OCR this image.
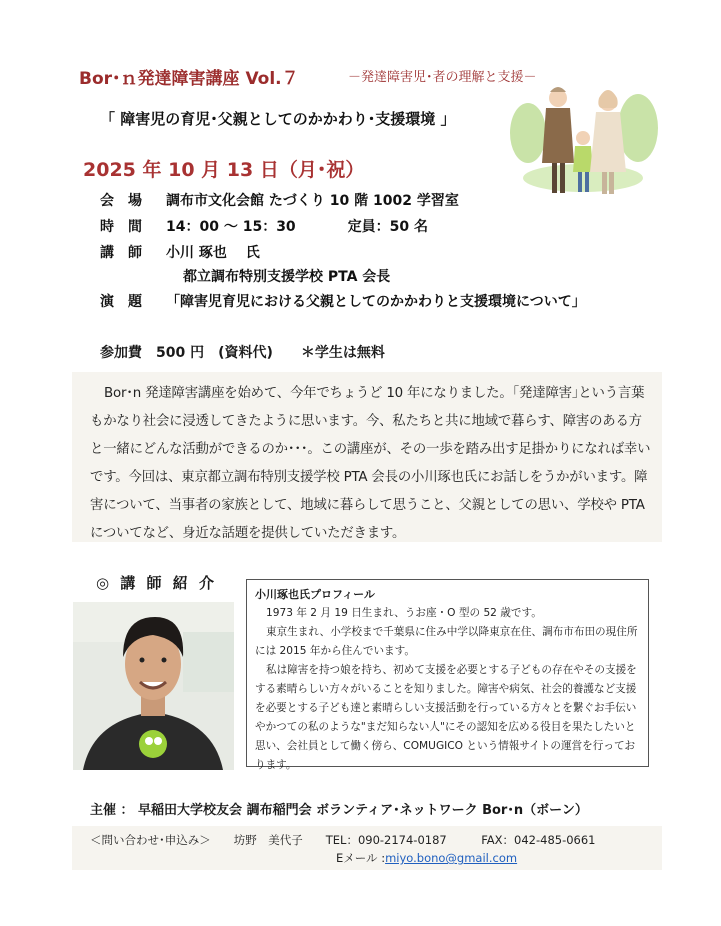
Bor･ｎ発達障害講座 Vol.７	－発達障害児･者の理解と支援－
「 障害児の育児･父親としてのかかわり･支援環境 」
2025 年 10 月 13 日（月･祝）
会　場 調布市文化会館 たづくり 10 階 1002 学習室
時　間 14：00 ～ 15：30	定員：50 名
講　師 小川 琢也　 氏
都立調布特別支援学校 PTA 会長
演　題 「障害児育児における父親としてのかかわりと支援環境について」
参加費　500 円　(資料代)　　＊学生は無料

Bor･n 発達障害講座を始めて、今年でちょうど 10 年になりました。｢発達障害｣という言葉もかなり社会に浸透してきたように思います。今、私たちと共に地域で暮らす、障害のある方と一緒にどんな活動ができるのか･･･。この講座が、その一歩を踏み出す足掛かりになれば幸いです。今回は、東京都立調布特別支援学校 PTA 会長の小川琢也氏にお話しをうかがいます。障害について、当事者の家族として、地域に暮らして思うこと、父親としての思い、学校や PTA についてなど、身近な話題を提供していただきます。

◎ 講 師 紹 介
小川琢也氏プロフィール

1973 年 2 月 19 日生まれ、うお座・O 型の 52 歳です。

東京生まれ、小学校まで千葉県に住み中学以降東京在住、調布市布田の現住所には 2015 年から住んでいます。

私は障害を持つ娘を持ち、初めて支援を必要とする子どもの存在やその支援をする素晴らしい方々がいることを知りました。障害や病気、社会的養護など支援を必要とする子ども達と素晴らしい支援活動を行っている方々とを繋ぐお手伝いやかつての私のような"まだ知らない人"にその認知を広める役目を果たしたいと思い、会社員として働く傍ら、COMUGICO という情報サイトの運営を行っております。

主催 ： 早稲田大学校友会 調布稲門会 ボランティア･ネットワーク Bor･n（ボーン）
＜問い合わせ･申込み＞　　坊野　美代子　　TEL：090-2174-0187　　　FAX：042-485-0661
Eメール :miyo.bono@gmail.com
